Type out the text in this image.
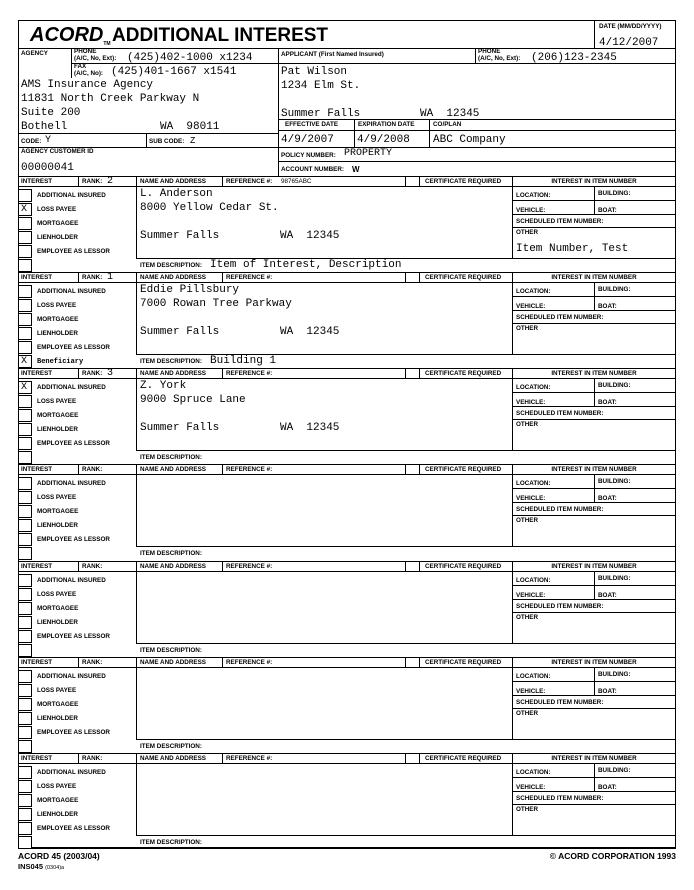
ACORDTM ADDITIONAL INTEREST	DATE (MM/DD/YYYY)
4/12/2007
AGENCY	PHONE
(A/C, No, Ext): (425)402-1000 x1234
FAX
(A/C, No): (425)401-1667 x1541
AMS Insurance Agency
11831 North Creek Parkway N
Suite 200
Bothell	WA  98011
CODE: Y	SUB CODE: Z
AGENCY CUSTOMER ID
00000041
APPLICANT (First Named Insured)	PHONE
(A/C, No, Ext): (206)123-2345
Pat Wilson
1234 Elm St.
Summer Falls	WA  12345
EFFECTIVE DATE	EXPIRATION DATE	CO/PLAN
4/9/2007 4/9/2008 ABC Company
POLICY NUMBER: PROPERTY
ACCOUNT NUMBER: W
INTEREST	RANK: 2	NAME AND ADDRESS	REFERENCE #: 98765ABC	CERTIFICATE REQUIRED	INTEREST IN ITEM NUMBER
LOCATION:	BUILDING:
VEHICLE:	BOAT:
SCHEDULED ITEM NUMBER:
OTHER
Item Number, Test
ADDITIONAL INSURED
LOSS PAYEE
X
MORTGAGEE
LIENHOLDER
EMPLOYEE AS LESSOR
L. Anderson
8000 Yellow Cedar St.
Summer Falls	WA  12345
ITEM DESCRIPTION: Item of Interest, Description
INTEREST	RANK: 1	NAME AND ADDRESS	REFERENCE #:	CERTIFICATE REQUIRED	INTEREST IN ITEM NUMBER
LOCATION:	BUILDING:
VEHICLE:	BOAT:
SCHEDULED ITEM NUMBER:
OTHER
ADDITIONAL INSURED
LOSS PAYEE
MORTGAGEE
LIENHOLDER
EMPLOYEE AS LESSOR
X Beneficiary
Eddie Pillsbury
7000 Rowan Tree Parkway
Summer Falls	WA  12345
ITEM DESCRIPTION: Building 1
INTEREST	RANK: 3	NAME AND ADDRESS	REFERENCE #:	CERTIFICATE REQUIRED	INTEREST IN ITEM NUMBER
LOCATION:	BUILDING:
VEHICLE:	BOAT:
SCHEDULED ITEM NUMBER:
OTHER
ADDITIONAL INSURED
X
LOSS PAYEE
MORTGAGEE
LIENHOLDER
EMPLOYEE AS LESSOR
Z. York
9000 Spruce Lane
Summer Falls	WA  12345
ITEM DESCRIPTION:
INTEREST	RANK:	NAME AND ADDRESS	REFERENCE #:	CERTIFICATE REQUIRED	INTEREST IN ITEM NUMBER
LOCATION:	BUILDING:
VEHICLE:	BOAT:
SCHEDULED ITEM NUMBER:
OTHER
ADDITIONAL INSURED
LOSS PAYEE
MORTGAGEE
LIENHOLDER
EMPLOYEE AS LESSOR
ITEM DESCRIPTION:
INTEREST	RANK:	NAME AND ADDRESS	REFERENCE #:	CERTIFICATE REQUIRED	INTEREST IN ITEM NUMBER
LOCATION:	BUILDING:
VEHICLE:	BOAT:
SCHEDULED ITEM NUMBER:
OTHER
ADDITIONAL INSURED
LOSS PAYEE
MORTGAGEE
LIENHOLDER
EMPLOYEE AS LESSOR
ITEM DESCRIPTION:
INTEREST	RANK:	NAME AND ADDRESS	REFERENCE #:	CERTIFICATE REQUIRED	INTEREST IN ITEM NUMBER
LOCATION:	BUILDING:
VEHICLE:	BOAT:
SCHEDULED ITEM NUMBER:
OTHER
ADDITIONAL INSURED
LOSS PAYEE
MORTGAGEE
LIENHOLDER
EMPLOYEE AS LESSOR
ITEM DESCRIPTION:
INTEREST	RANK:	NAME AND ADDRESS	REFERENCE #:	CERTIFICATE REQUIRED	INTEREST IN ITEM NUMBER
LOCATION:	BUILDING:
VEHICLE:	BOAT:
SCHEDULED ITEM NUMBER:
OTHER
ADDITIONAL INSURED
LOSS PAYEE
MORTGAGEE
LIENHOLDER
EMPLOYEE AS LESSOR
ITEM DESCRIPTION:
ACORD 45 (2003/04)
INS045 (0304)a
© ACORD CORPORATION 1993
